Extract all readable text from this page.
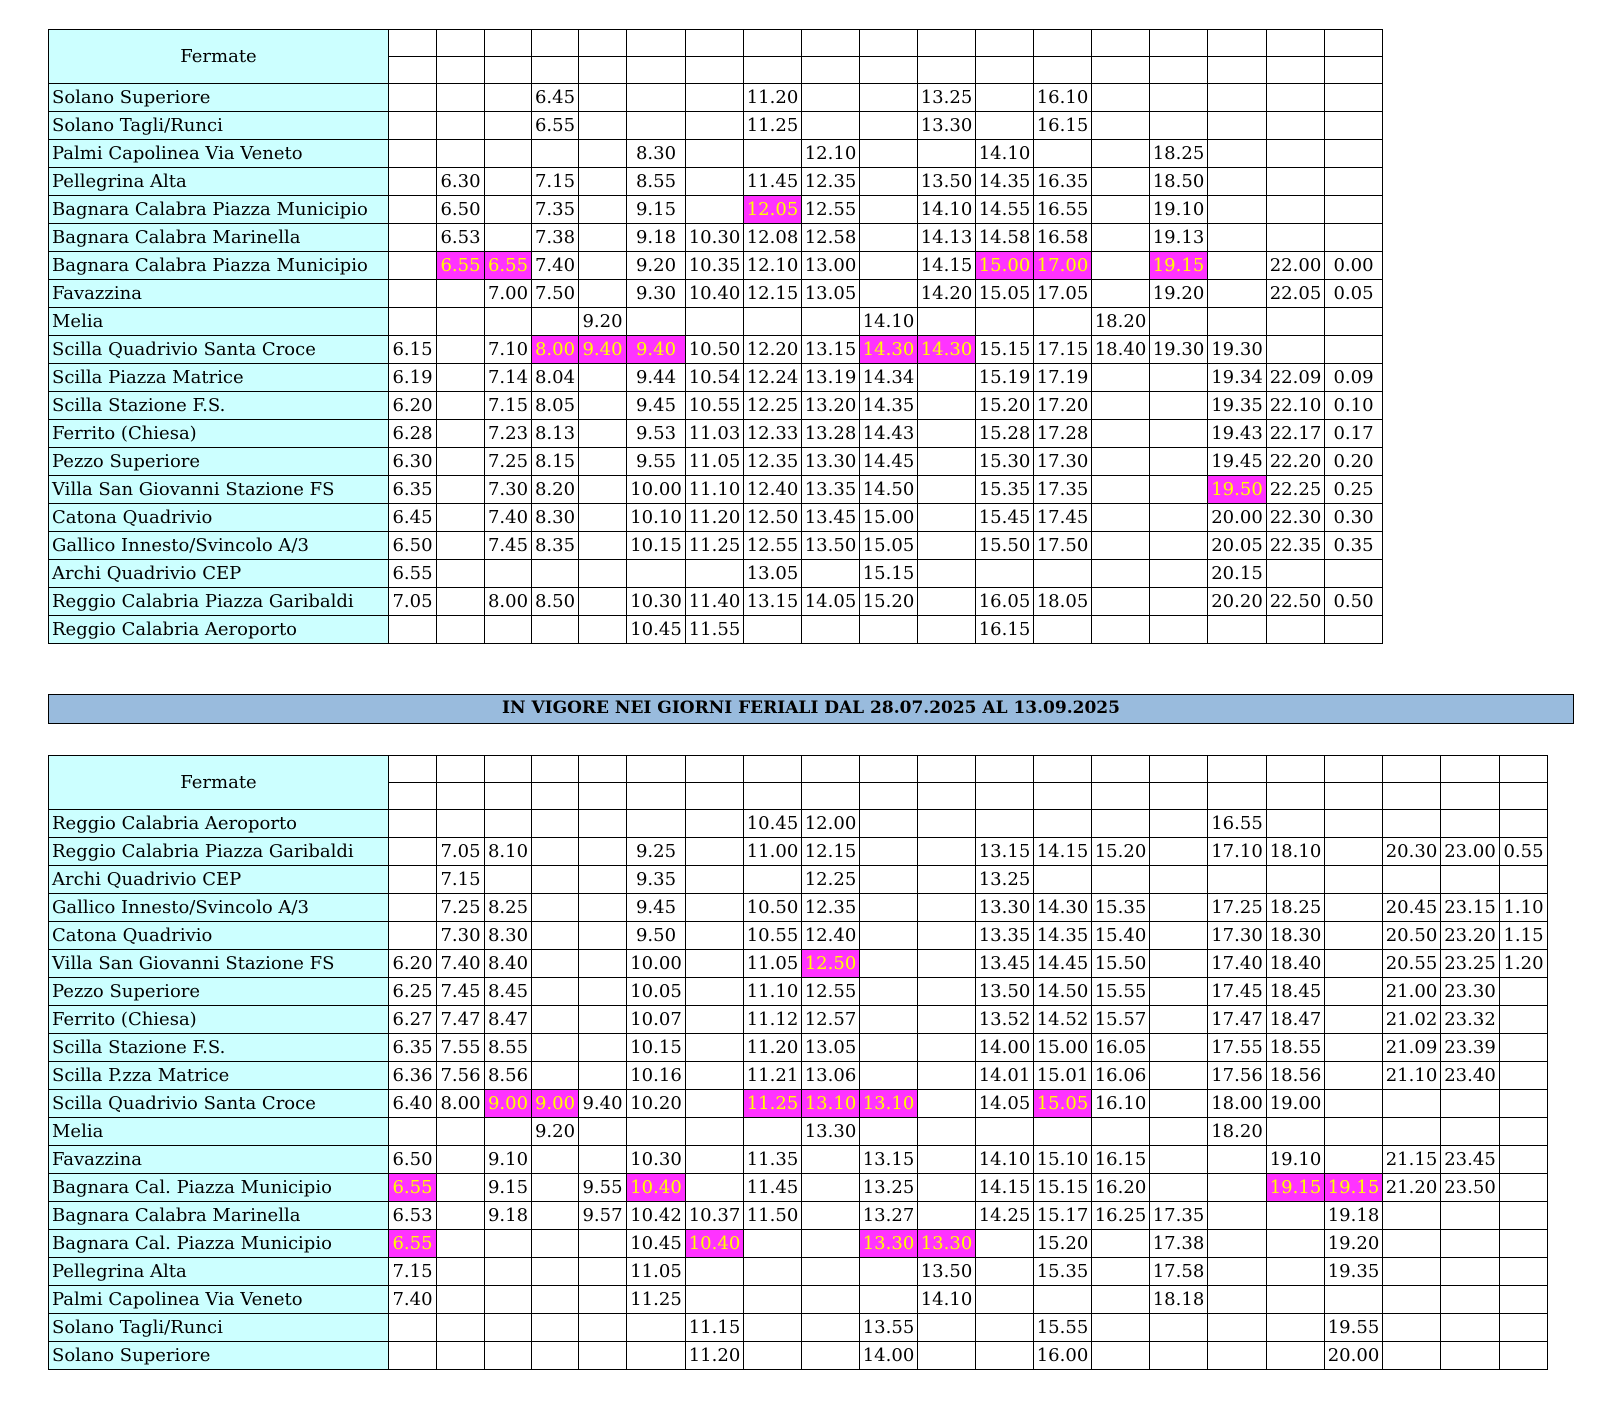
Fermate																		

Solano Superiore				6.45				11.20			13.25		16.10					
Solano Tagli/Runci				6.55				11.25			13.30		16.15					
Palmi Capolinea Via Veneto						8.30			12.10			14.10			18.25			
Pellegrina Alta		6.30		7.15		8.55		11.45	12.35		13.50	14.35	16.35		18.50			
Bagnara Calabra Piazza Municipio		6.50		7.35		9.15		12.05	12.55		14.10	14.55	16.55		19.10			
Bagnara Calabra Marinella		6.53		7.38		9.18	10.30	12.08	12.58		14.13	14.58	16.58		19.13			
Bagnara Calabra Piazza Municipio		6.55	6.55	7.40		9.20	10.35	12.10	13.00		14.15	15.00	17.00		19.15		22.00	0.00
Favazzina			7.00	7.50		9.30	10.40	12.15	13.05		14.20	15.05	17.05		19.20		22.05	0.05
Melia					9.20					14.10				18.20				
Scilla Quadrivio Santa Croce	6.15		7.10	8.00	9.40	9.40	10.50	12.20	13.15	14.30	14.30	15.15	17.15	18.40	19.30	19.30		
Scilla Piazza Matrice	6.19		7.14	8.04		9.44	10.54	12.24	13.19	14.34		15.19	17.19			19.34	22.09	0.09
Scilla Stazione F.S.	6.20		7.15	8.05		9.45	10.55	12.25	13.20	14.35		15.20	17.20			19.35	22.10	0.10
Ferrito (Chiesa)	6.28		7.23	8.13		9.53	11.03	12.33	13.28	14.43		15.28	17.28			19.43	22.17	0.17
Pezzo Superiore	6.30		7.25	8.15		9.55	11.05	12.35	13.30	14.45		15.30	17.30			19.45	22.20	0.20
Villa San Giovanni Stazione FS	6.35		7.30	8.20		10.00	11.10	12.40	13.35	14.50		15.35	17.35			19.50	22.25	0.25
Catona Quadrivio	6.45		7.40	8.30		10.10	11.20	12.50	13.45	15.00		15.45	17.45			20.00	22.30	0.30
Gallico Innesto/Svincolo A/3	6.50		7.45	8.35		10.15	11.25	12.55	13.50	15.05		15.50	17.50			20.05	22.35	0.35
Archi Quadrivio CEP	6.55							13.05		15.15						20.15		
Reggio Calabria Piazza Garibaldi	7.05		8.00	8.50		10.30	11.40	13.15	14.05	15.20		16.05	18.05			20.20	22.50	0.50
Reggio Calabria Aeroporto						10.45	11.55					16.15						
IN VIGORE NEI GIORNI FERIALI DAL 28.07.2025 AL 13.09.2025
Fermate																					

Reggio Calabria Aeroporto								10.45	12.00							16.55					
Reggio Calabria Piazza Garibaldi		7.05	8.10			9.25		11.00	12.15			13.15	14.15	15.20		17.10	18.10		20.30	23.00	0.55
Archi Quadrivio CEP		7.15				9.35			12.25			13.25									
Gallico Innesto/Svincolo A/3		7.25	8.25			9.45		10.50	12.35			13.30	14.30	15.35		17.25	18.25		20.45	23.15	1.10
Catona Quadrivio		7.30	8.30			9.50		10.55	12.40			13.35	14.35	15.40		17.30	18.30		20.50	23.20	1.15
Villa San Giovanni Stazione FS	6.20	7.40	8.40			10.00		11.05	12.50			13.45	14.45	15.50		17.40	18.40		20.55	23.25	1.20
Pezzo Superiore	6.25	7.45	8.45			10.05		11.10	12.55			13.50	14.50	15.55		17.45	18.45		21.00	23.30	
Ferrito (Chiesa)	6.27	7.47	8.47			10.07		11.12	12.57			13.52	14.52	15.57		17.47	18.47		21.02	23.32	
Scilla Stazione F.S.	6.35	7.55	8.55			10.15		11.20	13.05			14.00	15.00	16.05		17.55	18.55		21.09	23.39	
Scilla P.zza Matrice	6.36	7.56	8.56			10.16		11.21	13.06			14.01	15.01	16.06		17.56	18.56		21.10	23.40	
Scilla Quadrivio Santa Croce	6.40	8.00	9.00	9.00	9.40	10.20		11.25	13.10	13.10		14.05	15.05	16.10		18.00	19.00				
Melia				9.20					13.30							18.20					
Favazzina	6.50		9.10			10.30		11.35		13.15		14.10	15.10	16.15			19.10		21.15	23.45	
Bagnara Cal. Piazza Municipio	6.55		9.15		9.55	10.40		11.45		13.25		14.15	15.15	16.20			19.15	19.15	21.20	23.50	
Bagnara Calabra Marinella	6.53		9.18		9.57	10.42	10.37	11.50		13.27		14.25	15.17	16.25	17.35			19.18			
Bagnara Cal. Piazza Municipio	6.55					10.45	10.40			13.30	13.30		15.20		17.38			19.20			
Pellegrina Alta	7.15					11.05					13.50		15.35		17.58			19.35			
Palmi Capolinea Via Veneto	7.40					11.25					14.10				18.18						
Solano Tagli/Runci							11.15			13.55			15.55					19.55			
Solano Superiore							11.20			14.00			16.00					20.00			
